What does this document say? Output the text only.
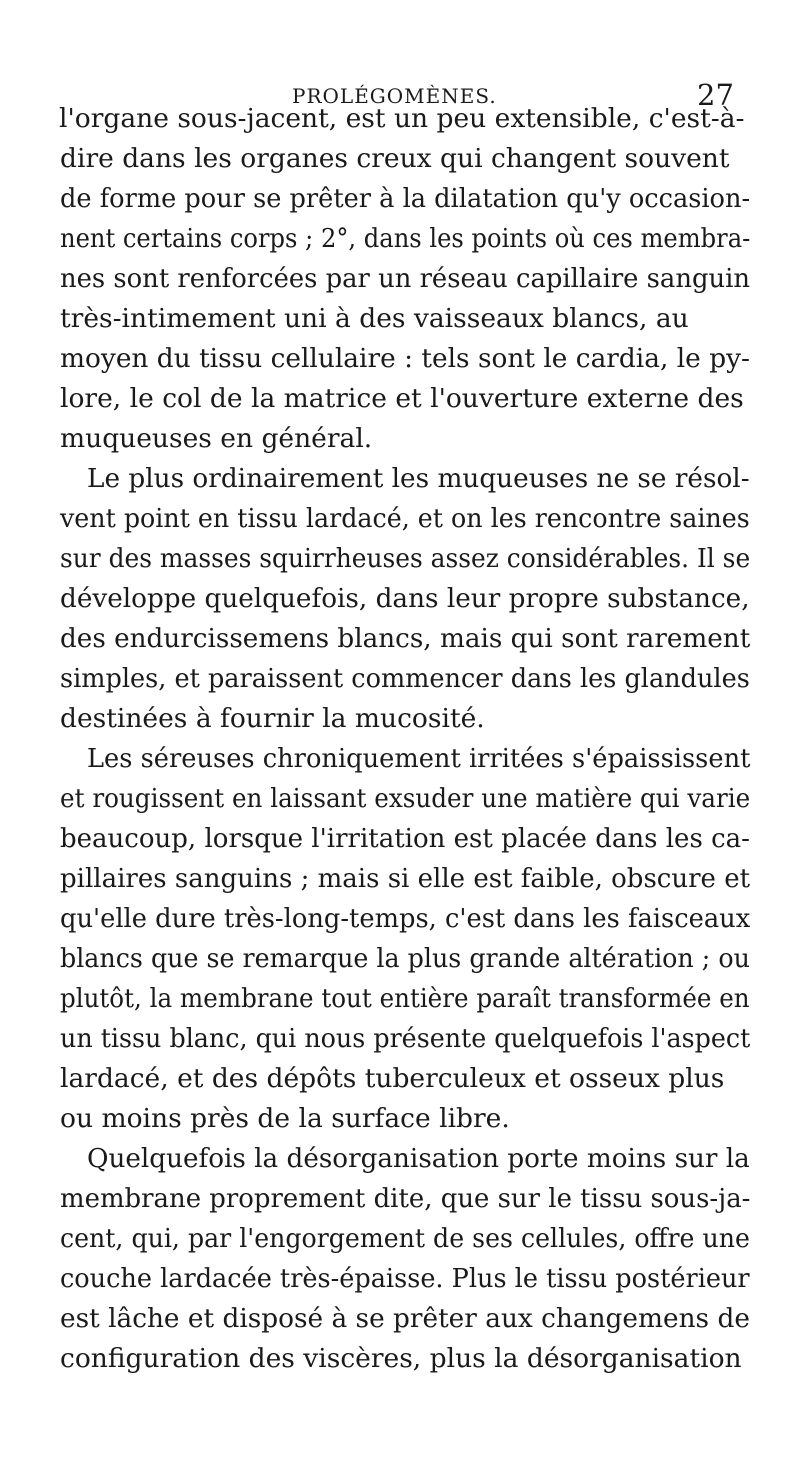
PROLÉGOMÈNES.	27
l'organe sous-jacent, est un peu extensible, c'est-à-
dire dans les organes creux qui changent souvent
de forme pour se prêter à la dilatation qu'y occasion-
nent certains corps ; 2°, dans les points où ces membra-
nes sont renforcées par un réseau capillaire sanguin
très-intimement uni à des vaisseaux blancs, au
moyen du tissu cellulaire : tels sont le cardia, le py-
lore, le col de la matrice et l'ouverture externe des
muqueuses en général.
Le plus ordinairement les muqueuses ne se résol-
vent point en tissu lardacé, et on les rencontre saines
sur des masses squirrheuses assez considérables. Il se
développe quelquefois, dans leur propre substance,
des endurcissemens blancs, mais qui sont rarement
simples, et paraissent commencer dans les glandules
destinées à fournir la mucosité.
Les séreuses chroniquement irritées s'épaississent
et rougissent en laissant exsuder une matière qui varie
beaucoup, lorsque l'irritation est placée dans les ca-
pillaires sanguins ; mais si elle est faible, obscure et
qu'elle dure très-long-temps, c'est dans les faisceaux
blancs que se remarque la plus grande altération ; ou
plutôt, la membrane tout entière paraît transformée en
un tissu blanc, qui nous présente quelquefois l'aspect
lardacé, et des dépôts tuberculeux et osseux plus
ou moins près de la surface libre.
Quelquefois la désorganisation porte moins sur la
membrane proprement dite, que sur le tissu sous-ja-
cent, qui, par l'engorgement de ses cellules, offre une
couche lardacée très-épaisse. Plus le tissu postérieur
est lâche et disposé à se prêter aux changemens de
configuration des viscères, plus la désorganisation
